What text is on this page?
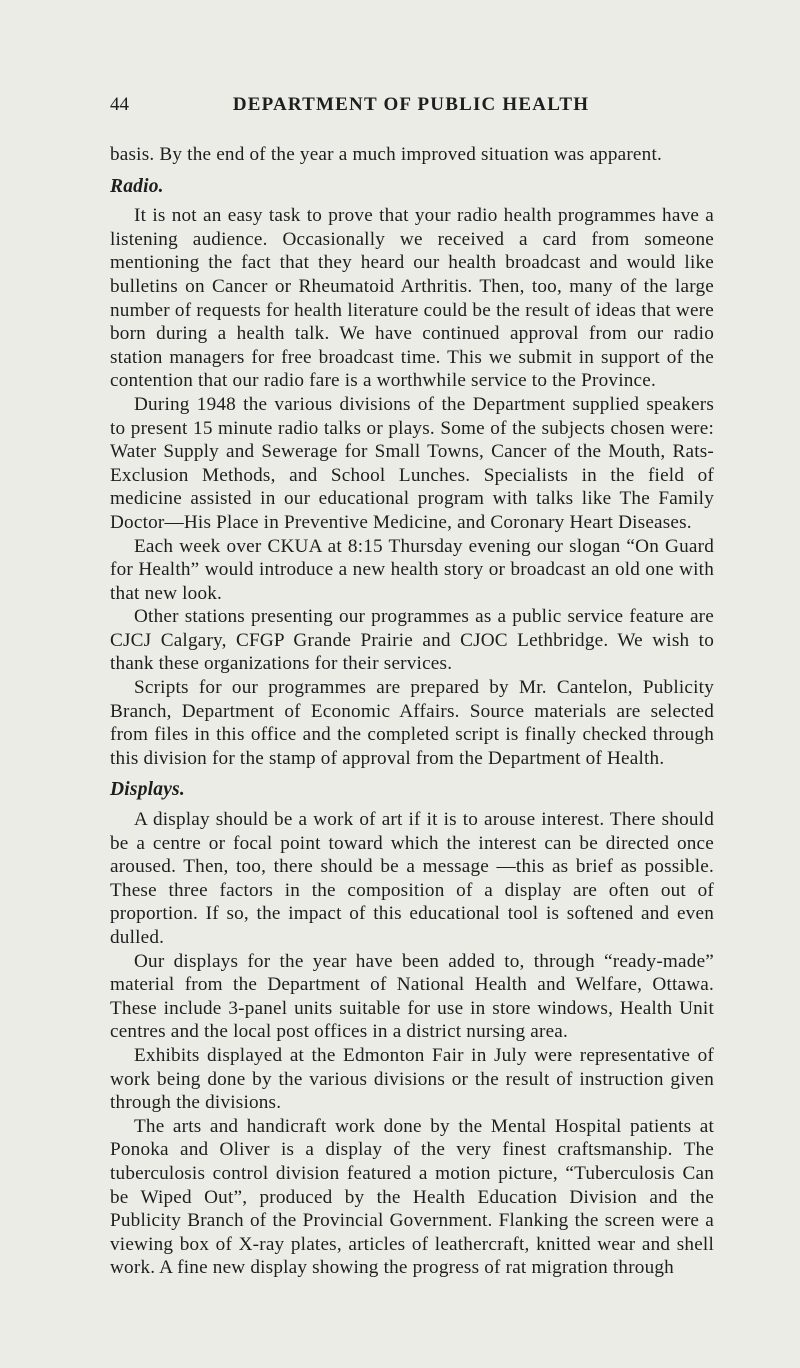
44	DEPARTMENT OF PUBLIC HEALTH

basis. By the end of the year a much improved situation was apparent.

Radio.

It is not an easy task to prove that your radio health programmes have a listening audience. Occasionally we received a card from someone mentioning the fact that they heard our health broadcast and would like bulletins on Cancer or Rheumatoid Arthritis. Then, too, many of the large number of requests for health literature could be the result of ideas that were born during a health talk. We have continued approval from our radio station managers for free broadcast time. This we submit in support of the contention that our radio fare is a worthwhile service to the Province.

During 1948 the various divisions of the Department supplied speakers to present 15 minute radio talks or plays. Some of the subjects chosen were: Water Supply and Sewerage for Small Towns, Cancer of the Mouth, Rats-Exclusion Methods, and School Lunches. Specialists in the field of medicine assisted in our educational program with talks like The Family Doctor—His Place in Preventive Medicine, and Coronary Heart Diseases.

Each week over CKUA at 8:15 Thursday evening our slogan “On Guard for Health” would introduce a new health story or broadcast an old one with that new look.

Other stations presenting our programmes as a public service feature are CJCJ Calgary, CFGP Grande Prairie and CJOC Lethbridge. We wish to thank these organizations for their services.

Scripts for our programmes are prepared by Mr. Cantelon, Publicity Branch, Department of Economic Affairs. Source materials are selected from files in this office and the completed script is finally checked through this division for the stamp of approval from the Department of Health.

Displays.

A display should be a work of art if it is to arouse interest. There should be a centre or focal point toward which the interest can be directed once aroused. Then, too, there should be a message —this as brief as possible. These three factors in the composition of a display are often out of proportion. If so, the impact of this educational tool is softened and even dulled.

Our displays for the year have been added to, through “ready-made” material from the Department of National Health and Welfare, Ottawa. These include 3-panel units suitable for use in store windows, Health Unit centres and the local post offices in a district nursing area.

Exhibits displayed at the Edmonton Fair in July were representative of work being done by the various divisions or the result of instruction given through the divisions.

The arts and handicraft work done by the Mental Hospital patients at Ponoka and Oliver is a display of the very finest craftsmanship. The tuberculosis control division featured a motion picture, “Tuberculosis Can be Wiped Out”, produced by the Health Education Division and the Publicity Branch of the Provincial Government. Flanking the screen were a viewing box of X-ray plates, articles of leathercraft, knitted wear and shell work. A fine new display showing the progress of rat migration through
